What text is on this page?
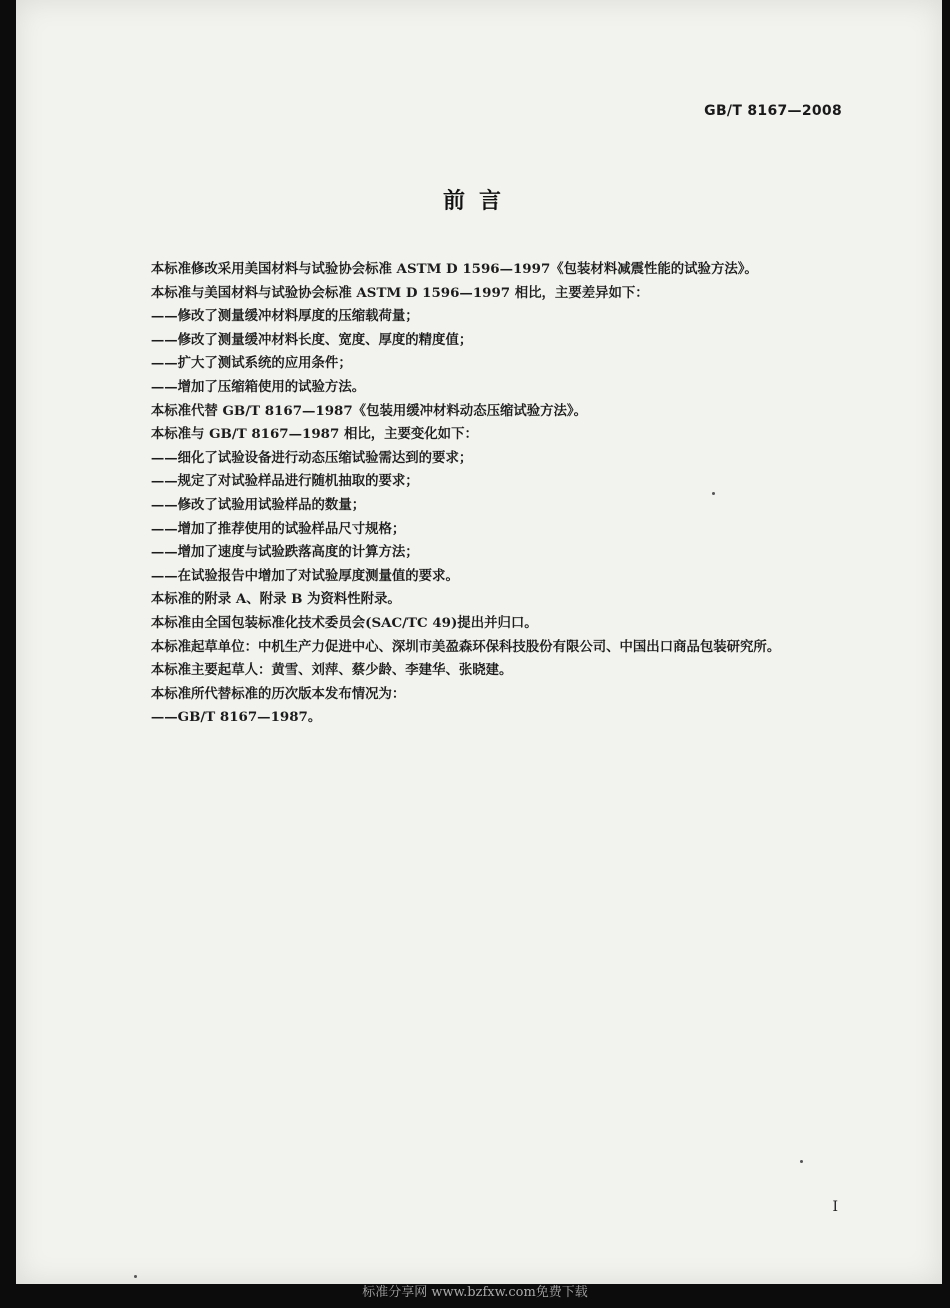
GB/T 8167—2008
前言

本标准修改采用美国材料与试验协会标准 ASTM D 1596—1997《包装材料减震性能的试验方法》。

本标准与美国材料与试验协会标准 ASTM D 1596—1997 相比，主要差异如下：

——修改了测量缓冲材料厚度的压缩载荷量；

——修改了测量缓冲材料长度、宽度、厚度的精度值；

——扩大了测试系统的应用条件；

——增加了压缩箱使用的试验方法。

本标准代替 GB/T 8167—1987《包装用缓冲材料动态压缩试验方法》。

本标准与 GB/T 8167—1987 相比，主要变化如下：

——细化了试验设备进行动态压缩试验需达到的要求；

——规定了对试验样品进行随机抽取的要求；

——修改了试验用试验样品的数量；

——增加了推荐使用的试验样品尺寸规格；

——增加了速度与试验跌落高度的计算方法；

——在试验报告中增加了对试验厚度测量值的要求。

本标准的附录 A、附录 B 为资料性附录。

本标准由全国包装标准化技术委员会(SAC/TC 49)提出并归口。

本标准起草单位：中机生产力促进中心、深圳市美盈森环保科技股份有限公司、中国出口商品包装研究所。

本标准主要起草人：黄雪、刘萍、蔡少龄、李建华、张晓建。

本标准所代替标准的历次版本发布情况为：

——GB/T 8167—1987。

I
标准分享网 www.bzfxw.com免费下载
